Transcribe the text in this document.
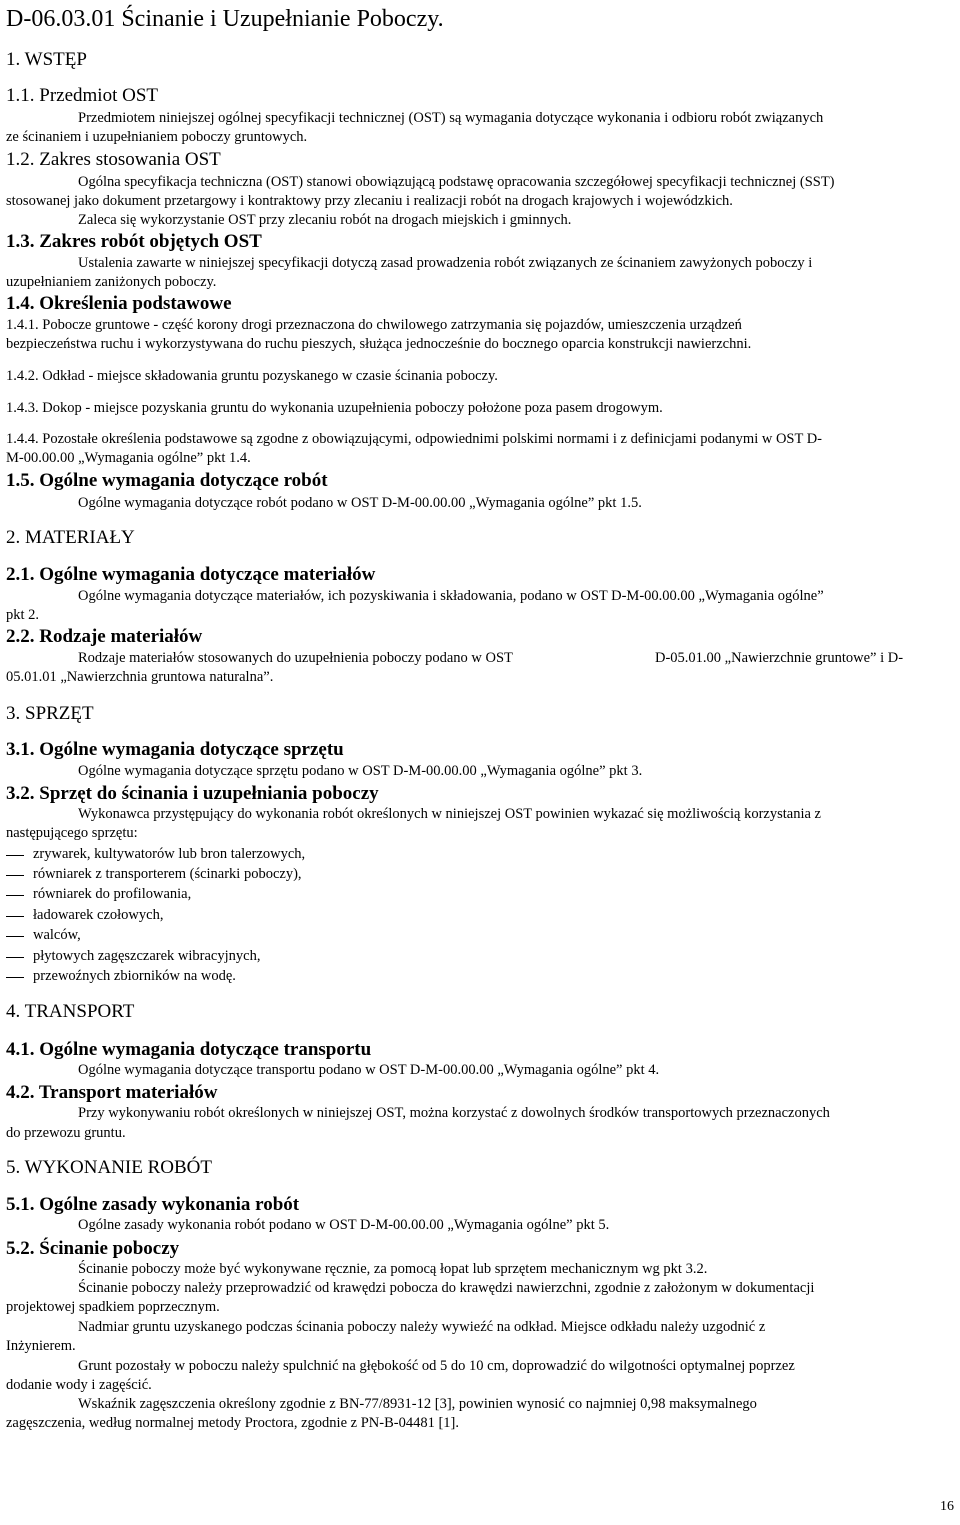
D-06.03.01 Ścinanie i Uzupełnianie Poboczy.
1. WSTĘP
1.1. Przedmiot OST
Przedmiotem niniejszej ogólnej specyfikacji technicznej (OST) są wymagania dotyczące wykonania i odbioru robót związanych
ze ścinaniem i uzupełnianiem poboczy gruntowych.
1.2. Zakres stosowania OST
Ogólna specyfikacja techniczna (OST) stanowi obowiązującą podstawę opracowania szczegółowej specyfikacji technicznej (SST)
stosowanej jako dokument przetargowy i kontraktowy przy zlecaniu i realizacji robót na drogach krajowych i wojewódzkich.
Zaleca się wykorzystanie OST przy zlecaniu robót na drogach miejskich i gminnych.
1.3. Zakres robót objętych OST
Ustalenia zawarte w niniejszej specyfikacji dotyczą zasad prowadzenia robót związanych ze ścinaniem zawyżonych poboczy i
uzupełnianiem zaniżonych poboczy.
1.4. Określenia podstawowe
1.4.1. Pobocze gruntowe - część korony drogi przeznaczona do chwilowego zatrzymania się pojazdów, umieszczenia urządzeń
bezpieczeństwa ruchu i wykorzystywana do ruchu pieszych, służąca jednocześnie do bocznego oparcia konstrukcji nawierzchni.
1.4.2. Odkład - miejsce składowania gruntu pozyskanego w czasie ścinania poboczy.
1.4.3. Dokop - miejsce pozyskania gruntu do wykonania uzupełnienia poboczy położone poza pasem drogowym.
1.4.4. Pozostałe określenia podstawowe są zgodne z obowiązującymi, odpowiednimi polskimi normami i z definicjami podanymi w OST D-
M-00.00.00 „Wymagania ogólne” pkt 1.4.
1.5. Ogólne wymagania dotyczące robót
Ogólne wymagania dotyczące robót podano w OST D-M-00.00.00 „Wymagania ogólne” pkt 1.5.
2. MATERIAŁY
2.1. Ogólne wymagania dotyczące materiałów
Ogólne wymagania dotyczące materiałów, ich pozyskiwania i składowania, podano w OST D-M-00.00.00 „Wymagania ogólne”
pkt 2.
2.2. Rodzaje materiałów
Rodzaje materiałów stosowanych do uzupełnienia poboczy podano w OST	D-05.01.00 „Nawierzchnie gruntowe” i D-
05.01.01 „Nawierzchnia gruntowa naturalna”.
3. SPRZĘT
3.1. Ogólne wymagania dotyczące sprzętu
Ogólne wymagania dotyczące sprzętu podano w OST D-M-00.00.00 „Wymagania ogólne” pkt 3.
3.2. Sprzęt do ścinania i uzupełniania poboczy
Wykonawca przystępujący do wykonania robót określonych w niniejszej OST powinien wykazać się możliwością korzystania z
następującego sprzętu:
zrywarek, kultywatorów lub bron talerzowych,
równiarek z transporterem (ścinarki poboczy),
równiarek do profilowania,
ładowarek czołowych,
walców,
płytowych zagęszczarek wibracyjnych,
przewoźnych zbiorników na wodę.
4. TRANSPORT
4.1. Ogólne wymagania dotyczące transportu
Ogólne wymagania dotyczące transportu podano w OST D-M-00.00.00 „Wymagania ogólne” pkt 4.
4.2. Transport materiałów
Przy wykonywaniu robót określonych w niniejszej OST, można korzystać z dowolnych środków transportowych przeznaczonych
do przewozu gruntu.
5. WYKONANIE ROBÓT
5.1. Ogólne zasady wykonania robót
Ogólne zasady wykonania robót podano w OST D-M-00.00.00 „Wymagania ogólne” pkt 5.
5.2. Ścinanie poboczy
Ścinanie poboczy może być wykonywane ręcznie, za pomocą łopat lub sprzętem mechanicznym wg pkt 3.2.
Ścinanie poboczy należy przeprowadzić od krawędzi pobocza do krawędzi nawierzchni, zgodnie z założonym w dokumentacji
projektowej spadkiem poprzecznym.
Nadmiar gruntu uzyskanego podczas ścinania poboczy należy wywieźć na odkład. Miejsce odkładu należy uzgodnić z
Inżynierem.
Grunt pozostały w poboczu należy spulchnić na głębokość od 5 do 10 cm, doprowadzić do wilgotności optymalnej poprzez
dodanie wody i zagęścić.
Wskaźnik zagęszczenia określony zgodnie z BN-77/8931-12 [3], powinien wynosić co najmniej 0,98 maksymalnego
zagęszczenia, według normalnej metody Proctora, zgodnie z PN-B-04481 [1].
16
